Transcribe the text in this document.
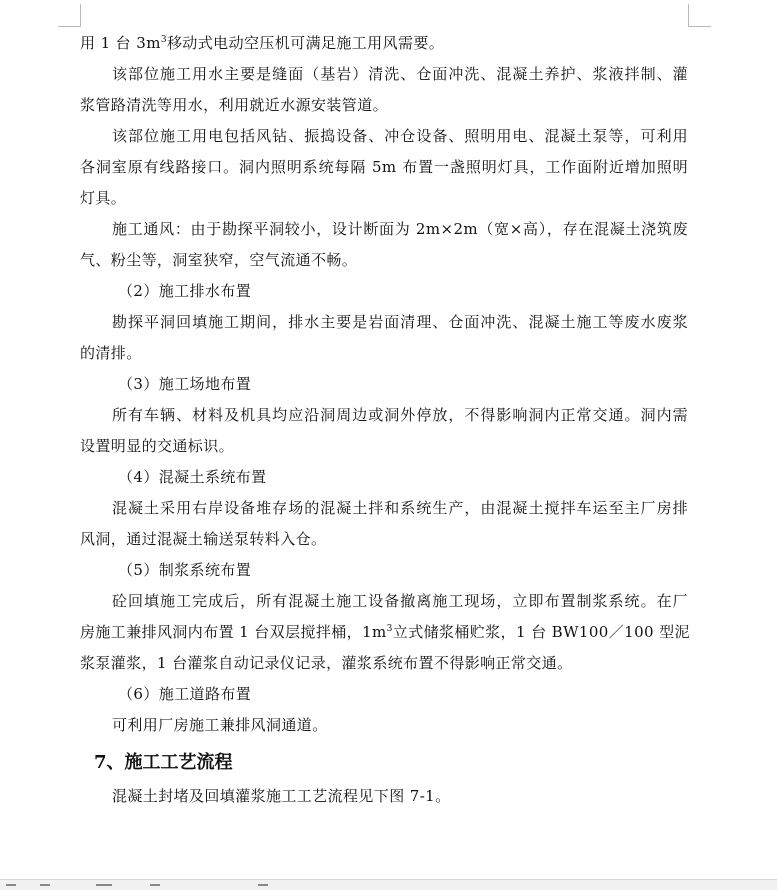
用 1 台 $3m^3$移动式电动空压机可满足施工用风需要。
该部位施工用水主要是缝面（基岩）清洗、仓面冲洗、混凝土养护、浆液拌制、灌
浆管路清洗等用水，利用就近水源安装管道。
该部位施工用电包括风钻、振捣设备、冲仓设备、照明用电、混凝土泵等，可利用
各洞室原有线路接口。洞内照明系统每隔 5m 布置一盏照明灯具，工作面附近增加照明
灯具。
施工通风：由于勘探平洞较小，设计断面为 2m×2m（宽×高），存在混凝土浇筑废
气、粉尘等，洞室狭窄，空气流通不畅。
（2）施工排水布置
勘探平洞回填施工期间，排水主要是岩面清理、仓面冲洗、混凝土施工等废水废浆
的清排。
（3）施工场地布置
所有车辆、材料及机具均应沿洞周边或洞外停放，不得影响洞内正常交通。洞内需
设置明显的交通标识。
（4）混凝土系统布置
混凝土采用右岸设备堆存场的混凝土拌和系统生产，由混凝土搅拌车运至主厂房排
风洞，通过混凝土输送泵转料入仓。
（5）制浆系统布置
砼回填施工完成后，所有混凝土施工设备撤离施工现场，立即布置制浆系统。在厂
房施工兼排风洞内布置 1 台双层搅拌桶，$1m^3$立式储浆桶贮浆，1 台 BW100／100 型泥
浆泵灌浆，1 台灌浆自动记录仪记录，灌浆系统布置不得影响正常交通。
（6）施工道路布置
可利用厂房施工兼排风洞通道。
7、施工工艺流程
混凝土封堵及回填灌浆施工工艺流程见下图 7-1。
